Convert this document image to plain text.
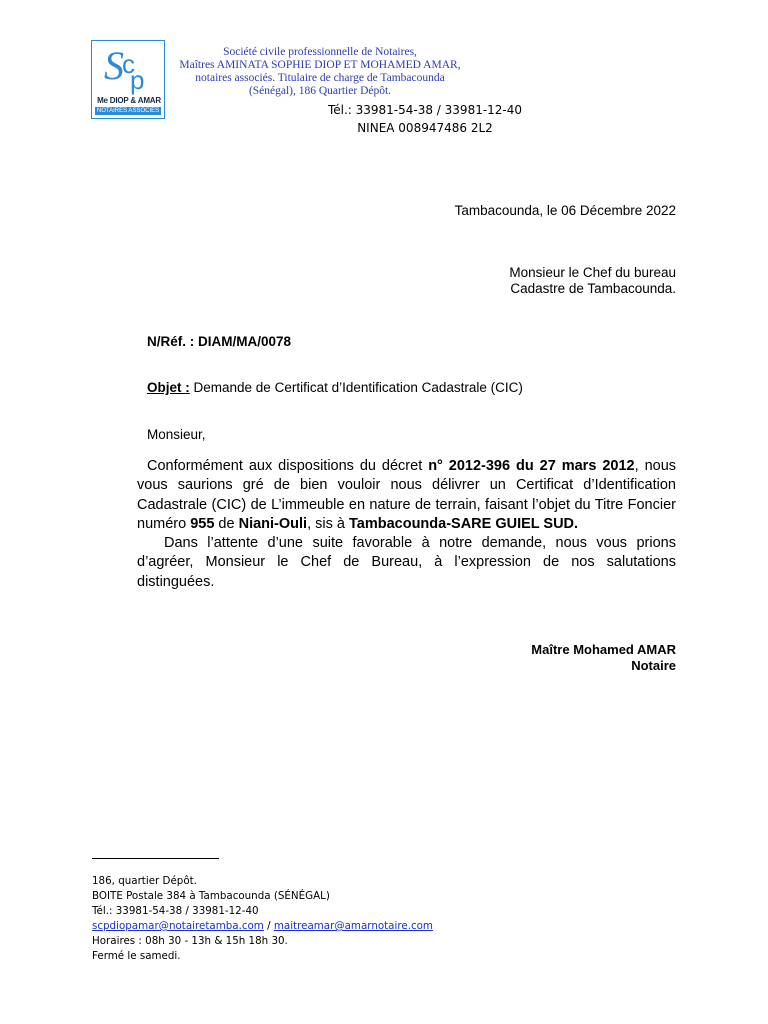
S
c
p
Me DIOP & AMAR
NOTAIRES ASSOCIÉS
Société civile professionnelle de Notaires,
Maîtres AMINATA SOPHIE DIOP ET MOHAMED AMAR,
notaires associés. Titulaire de charge de Tambacounda
(Sénégal), 186 Quartier Dépôt.
Tél.: 33981-54-38 / 33981-12-40
NINEA 008947486 2L2
Tambacounda, le 06 Décembre 2022
Monsieur le Chef du bureau
Cadastre de Tambacounda.
N/Réf. : DIAM/MA/0078
Objet : Demande de Certificat d’Identification Cadastrale (CIC)
Monsieur,

Conformément aux dispositions du décret n° 2012-396 du 27 mars 2012, nous vous saurions gré de bien vouloir nous délivrer un Certificat d’Identification Cadastrale (CIC) de L’immeuble en nature de terrain, faisant l’objet du Titre Foncier numéro 955 de Niani-Ouli, sis à Tambacounda-SARE GUIEL SUD.

Dans l’attente d’une suite favorable à notre demande, nous vous prions d’agréer, Monsieur le Chef de Bureau, à l’expression de nos salutations distinguées.

Maître Mohamed AMAR
Notaire
186, quartier Dépôt.
BOITE Postale 384 à Tambacounda (SÉNÉGAL)
Tél.: 33981-54-38 / 33981-12-40
scpdiopamar@notairetamba.com / maitreamar@amarnotaire.com
Horaires : 08h 30 - 13h & 15h 18h 30.
Fermé le samedi.
